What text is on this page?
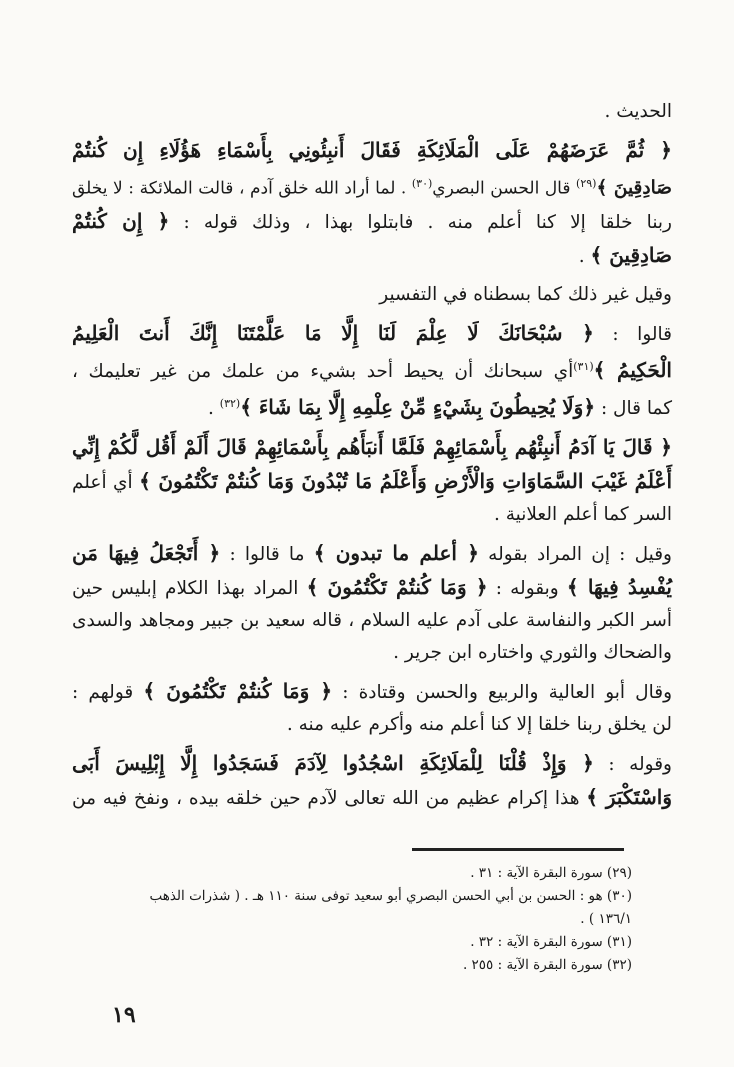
الحديث .
﴿ ثُمَّ عَرَضَهُمْ عَلَى الْمَلَائِكَةِ فَقَالَ أَنبِئُونِي بِأَسْمَاءِ هَؤُلَاءِ إِن كُنتُمْ
صَادِقِينَ ﴾$^{(٢٩)}$ قال الحسن البصري$^{(٣٠)}$ . لما أراد الله خلق آدم ، قالت الملائكة : لا يخلق
ربنا خلقا إلا كنا أعلم منه . فابتلوا بهذا ، وذلك قوله : ﴿ إِن كُنتُمْ
صَادِقِينَ ﴾ .
وقيل غير ذلك كما بسطناه في التفسير
قالوا : ﴿ سُبْحَانَكَ لَا عِلْمَ لَنَا إِلَّا مَا عَلَّمْتَنَا إِنَّكَ أَنتَ الْعَلِيمُ
الْحَكِيمُ ﴾$^{(٣١)}$أي سبحانك أن يحيط أحد بشيء من علمك من غير تعليمك ،
كما قال : ﴿وَلَا يُحِيطُونَ بِشَيْءٍ مِّنْ عِلْمِهِ إِلَّا بِمَا شَاءَ ﴾$^{(٣٢)}$ .
﴿ قَالَ يَا آدَمُ أَنبِئْهُم بِأَسْمَائِهِمْ فَلَمَّا أَنبَأَهُم بِأَسْمَائِهِمْ قَالَ أَلَمْ أَقُل لَّكُمْ إِنِّي
أَعْلَمُ غَيْبَ السَّمَاوَاتِ وَالْأَرْضِ وَأَعْلَمُ مَا تُبْدُونَ وَمَا كُنتُمْ تَكْتُمُونَ ﴾ أي أعلم
السر كما أعلم العلانية .
وقيل : إن المراد بقوله ﴿ أعلم ما تبدون ﴾ ما قالوا : ﴿ أَتَجْعَلُ فِيهَا مَن
يُفْسِدُ فِيهَا ﴾ وبقوله : ﴿ وَمَا كُنتُمْ تَكْتُمُونَ ﴾ المراد بهذا الكلام إبليس حين
أسر الكبر والنفاسة على آدم عليه السلام ، قاله سعيد بن جبير ومجاهد والسدى
والضحاك والثوري واختاره ابن جرير .
وقال أبو العالية والربيع والحسن وقتادة : ﴿ وَمَا كُنتُمْ تَكْتُمُونَ ﴾ قولهم :
لن يخلق ربنا خلقا إلا كنا أعلم منه وأكرم عليه منه .
وقوله : ﴿ وَإِذْ قُلْنَا لِلْمَلَائِكَةِ اسْجُدُوا لِآدَمَ فَسَجَدُوا إِلَّا إِبْلِيسَ أَبَى
وَاسْتَكْبَرَ ﴾ هذا إكرام عظيم من الله تعالى لآدم حين خلقه بيده ، ونفخ فيه من
(٢٩) سورة البقرة الآية : ٣١ .
(٣٠) هو : الحسن بن أبي الحسن البصري أبو سعيد توفى سنة ١١٠ هـ . ( شذرات الذهب
١٣٦/١ ) .
(٣١) سورة البقرة الآية : ٣٢ .
(٣٢) سورة البقرة الآية : ٢٥٥ .
١٩
